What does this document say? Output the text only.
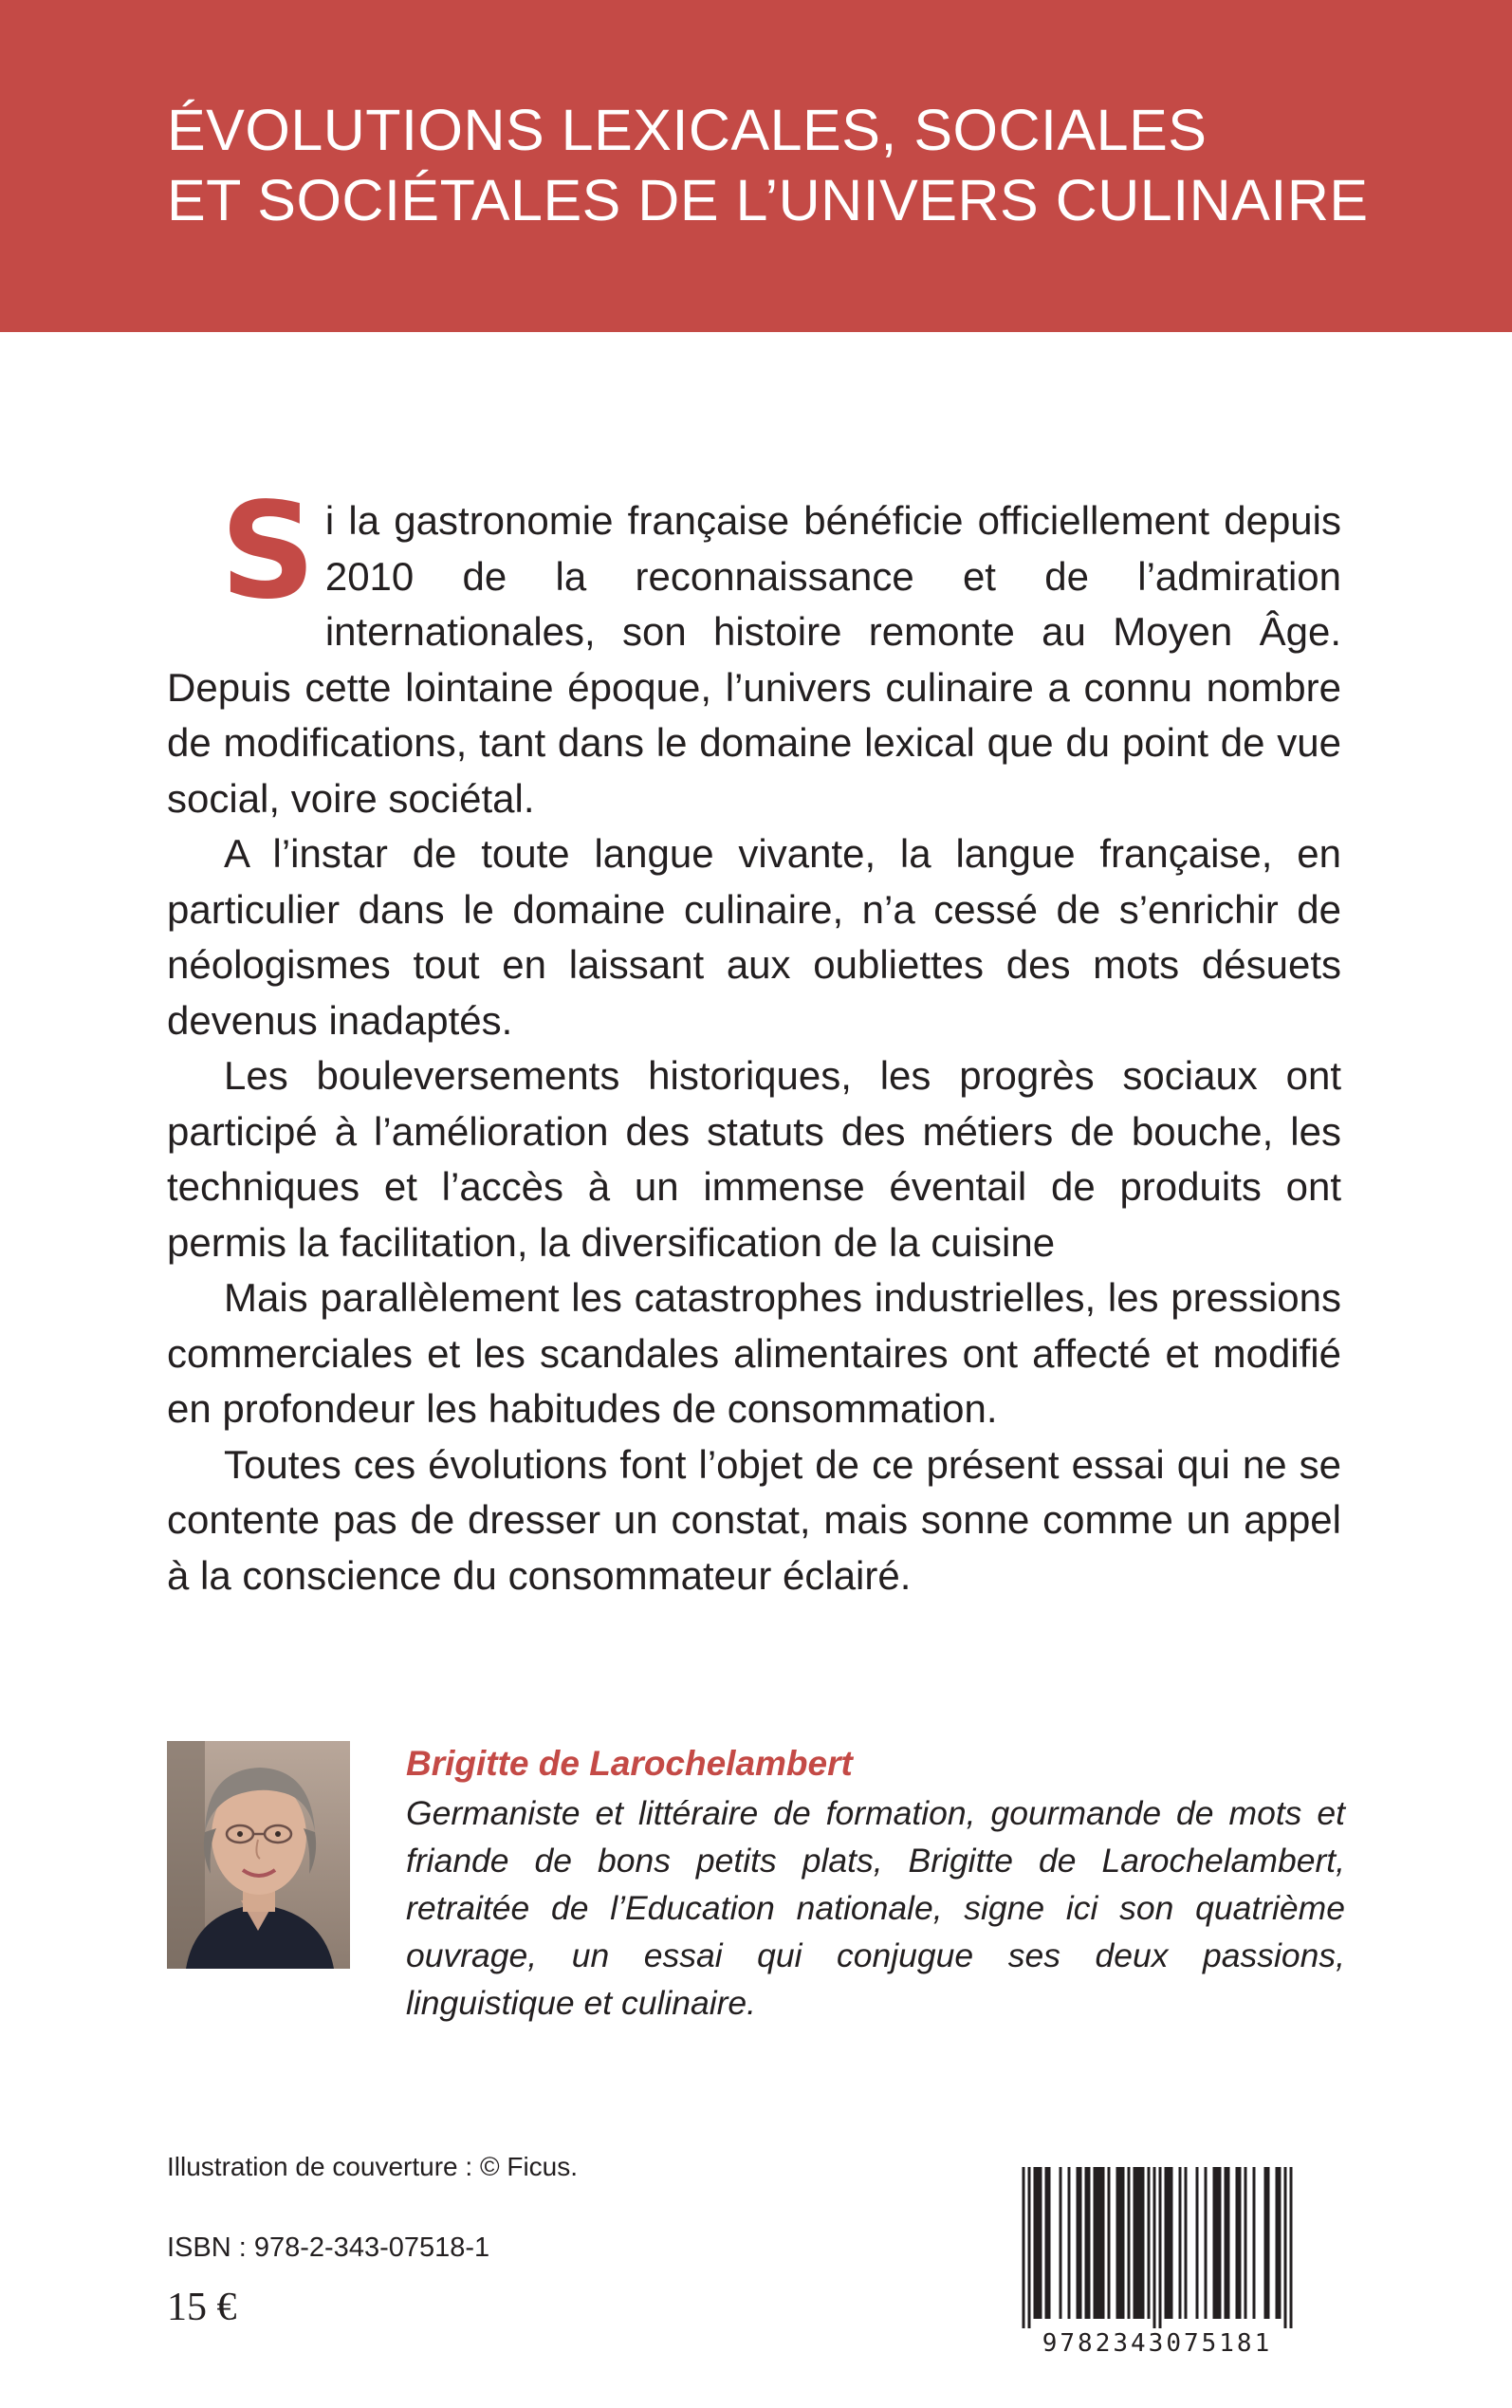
ÉVOLUTIONS LEXICALES, SOCIALES
ET SOCIÉTALES DE L’UNIVERS CULINAIRE

Si la gastronomie française bénéficie officiellement depuis 2010 de la reconnaissance et de l’admiration internationales, son histoire remonte au Moyen Âge. Depuis cette lointaine époque, l’univers culinaire a connu nombre de modifications, tant dans le domaine lexical que du point de vue social, voire sociétal.

A l’instar de toute langue vivante, la langue française, en particulier dans le domaine culinaire, n’a cessé de s’enrichir de néologismes tout en laissant aux oubliettes des mots désuets devenus inadaptés.

Les bouleversements historiques, les progrès sociaux ont participé à l’amélioration des statuts des métiers de bouche, les techniques et l’accès à un immense éventail de produits ont permis la facilitation, la diversification de la cuisine

Mais parallèlement les catastrophes industrielles, les pressions commerciales et les scandales alimentaires ont affecté et modifié en profondeur les habitudes de consommation.

Toutes ces évolutions font l’objet de ce présent essai qui ne se contente pas de dresser un constat, mais sonne comme un appel à la conscience du consommateur éclairé.

Brigitte de Larochelambert
Germaniste et littéraire de formation, gourmande de mots et friande de bons petits plats, Brigitte de Larochelambert, retraitée de l’Education nationale, signe ici son quatrième ouvrage, un essai qui conjugue ses deux passions, linguistique et culinaire.
Illustration de couverture : © Ficus.
ISBN : 978-2-343-07518-1
15 €
9782343075181
